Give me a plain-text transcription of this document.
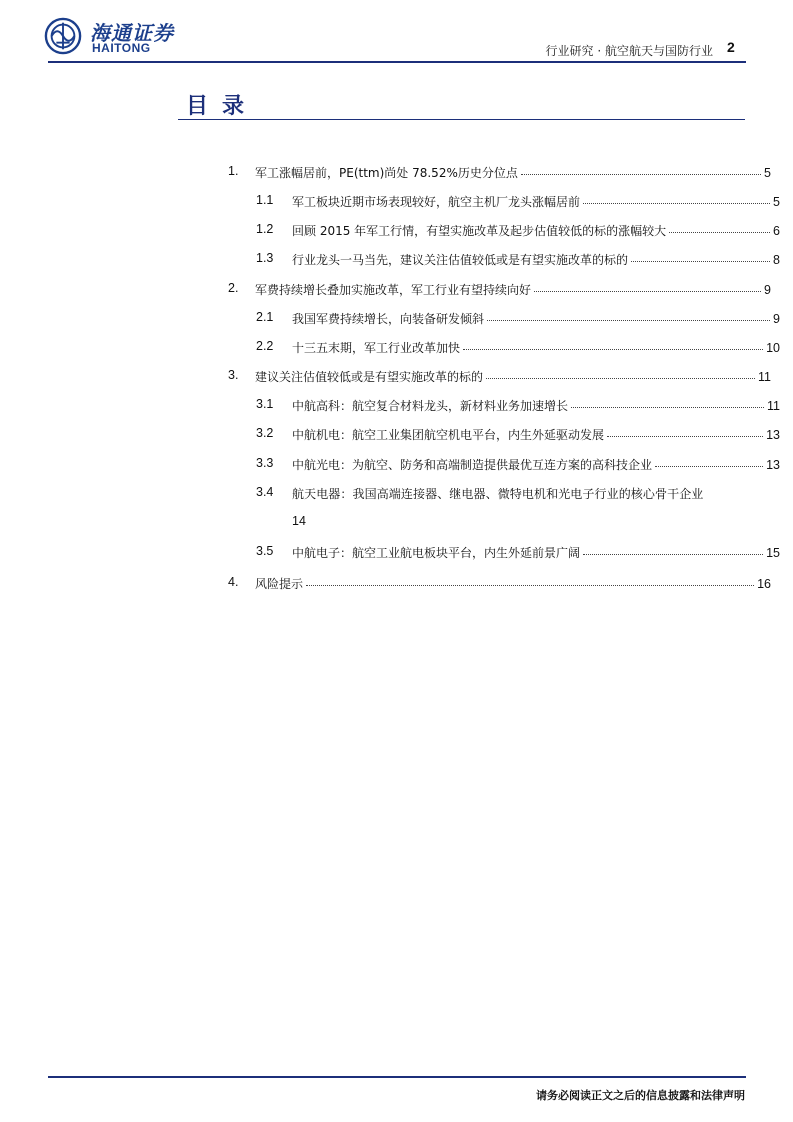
海通证券
HAITONG	行业研究 · 航空航天与国防行业 2
目录
1. 军工涨幅居前，PE(ttm)尚处 78.52%历史分位点	5
1.1 军工板块近期市场表现较好，航空主机厂龙头涨幅居前	5
1.2 回顾 2015 年军工行情，有望实施改革及起步估值较低的标的涨幅较大	6
1.3 行业龙头一马当先，建议关注估值较低或是有望实施改革的标的	8
2. 军费持续增长叠加实施改革，军工行业有望持续向好	9
2.1 我国军费持续增长，向装备研发倾斜	9
2.2 十三五末期，军工行业改革加快	10
3. 建议关注估值较低或是有望实施改革的标的	11
3.1 中航高科：航空复合材料龙头，新材料业务加速增长	11
3.2 中航机电：航空工业集团航空机电平台，内生外延驱动发展	13
3.3 中航光电：为航空、防务和高端制造提供最优互连方案的高科技企业	13
3.4 航天电器：我国高端连接器、继电器、微特电机和光电子行业的核心骨干企业
14
3.5 中航电子：航空工业航电板块平台，内生外延前景广阔	15
4. 风险提示	16
请务必阅读正文之后的信息披露和法律声明
